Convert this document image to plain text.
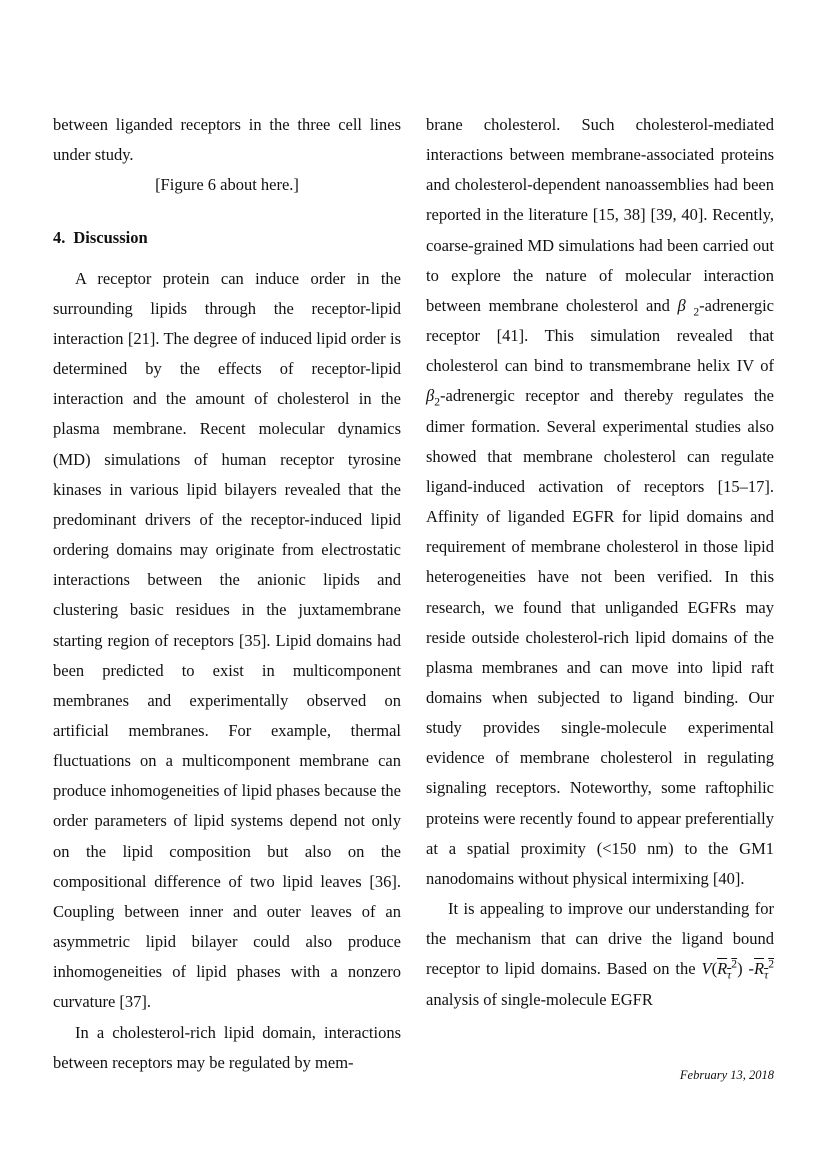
between liganded receptors in the three cell lines under study.

[Figure 6 about here.]

4. Discussion

A receptor protein can induce order in the surrounding lipids through the receptor-lipid interaction [21]. The degree of induced lipid order is determined by the effects of receptor-lipid interaction and the amount of cholesterol in the plasma membrane. Recent molecular dynamics (MD) simulations of human receptor tyrosine kinases in various lipid bilayers revealed that the predominant drivers of the receptor-induced lipid ordering domains may originate from electrostatic interactions between the anionic lipids and clustering basic residues in the juxtamembrane starting region of receptors [35]. Lipid domains had been predicted to exist in multicomponent membranes and experimentally observed on artificial membranes. For example, thermal fluctuations on a multicomponent membrane can produce inhomogeneities of lipid phases because the order parameters of lipid systems depend not only on the lipid composition but also on the compositional difference of two lipid leaves [36]. Coupling between inner and outer leaves of an asymmetric lipid bilayer could also produce inhomogeneities of lipid phases with a nonzero curvature [37].

In a cholesterol-rich lipid domain, interactions between receptors may be regulated by mem-

brane cholesterol. Such cholesterol-mediated interactions between membrane-associated proteins and cholesterol-dependent nanoassemblies had been reported in the literature [15, 38] [39, 40]. Recently, coarse-grained MD simulations had been carried out to explore the nature of molecular interaction between membrane cholesterol and β $_2$-adrenergic receptor [41]. This simulation revealed that cholesterol can bind to transmembrane helix IV of $\beta_2$-adrenergic receptor and thereby regulates the dimer formation. Several experimental studies also showed that membrane cholesterol can regulate ligand-induced activation of receptors [15–17]. Affinity of liganded EGFR for lipid domains and requirement of membrane cholesterol in those lipid heterogeneities have not been verified. In this research, we found that unliganded EGFRs may reside outside cholesterol-rich lipid domains of the plasma membranes and can move into lipid raft domains when subjected to ligand binding. Our study provides single-molecule experimental evidence of membrane cholesterol in regulating signaling receptors. Noteworthy, some raftophilic proteins were recently found to appear preferentially at a spatial proximity (<150 nm) to the GM1 nanodomains without physical intermixing [40].

It is appealing to improve our understanding for the mechanism that can drive the ligand bound receptor to lipid domains. Based on the $V(R_\tau^2)$ $-R_\tau^2$ analysis of single-molecule EGFR

February 13, 2018
